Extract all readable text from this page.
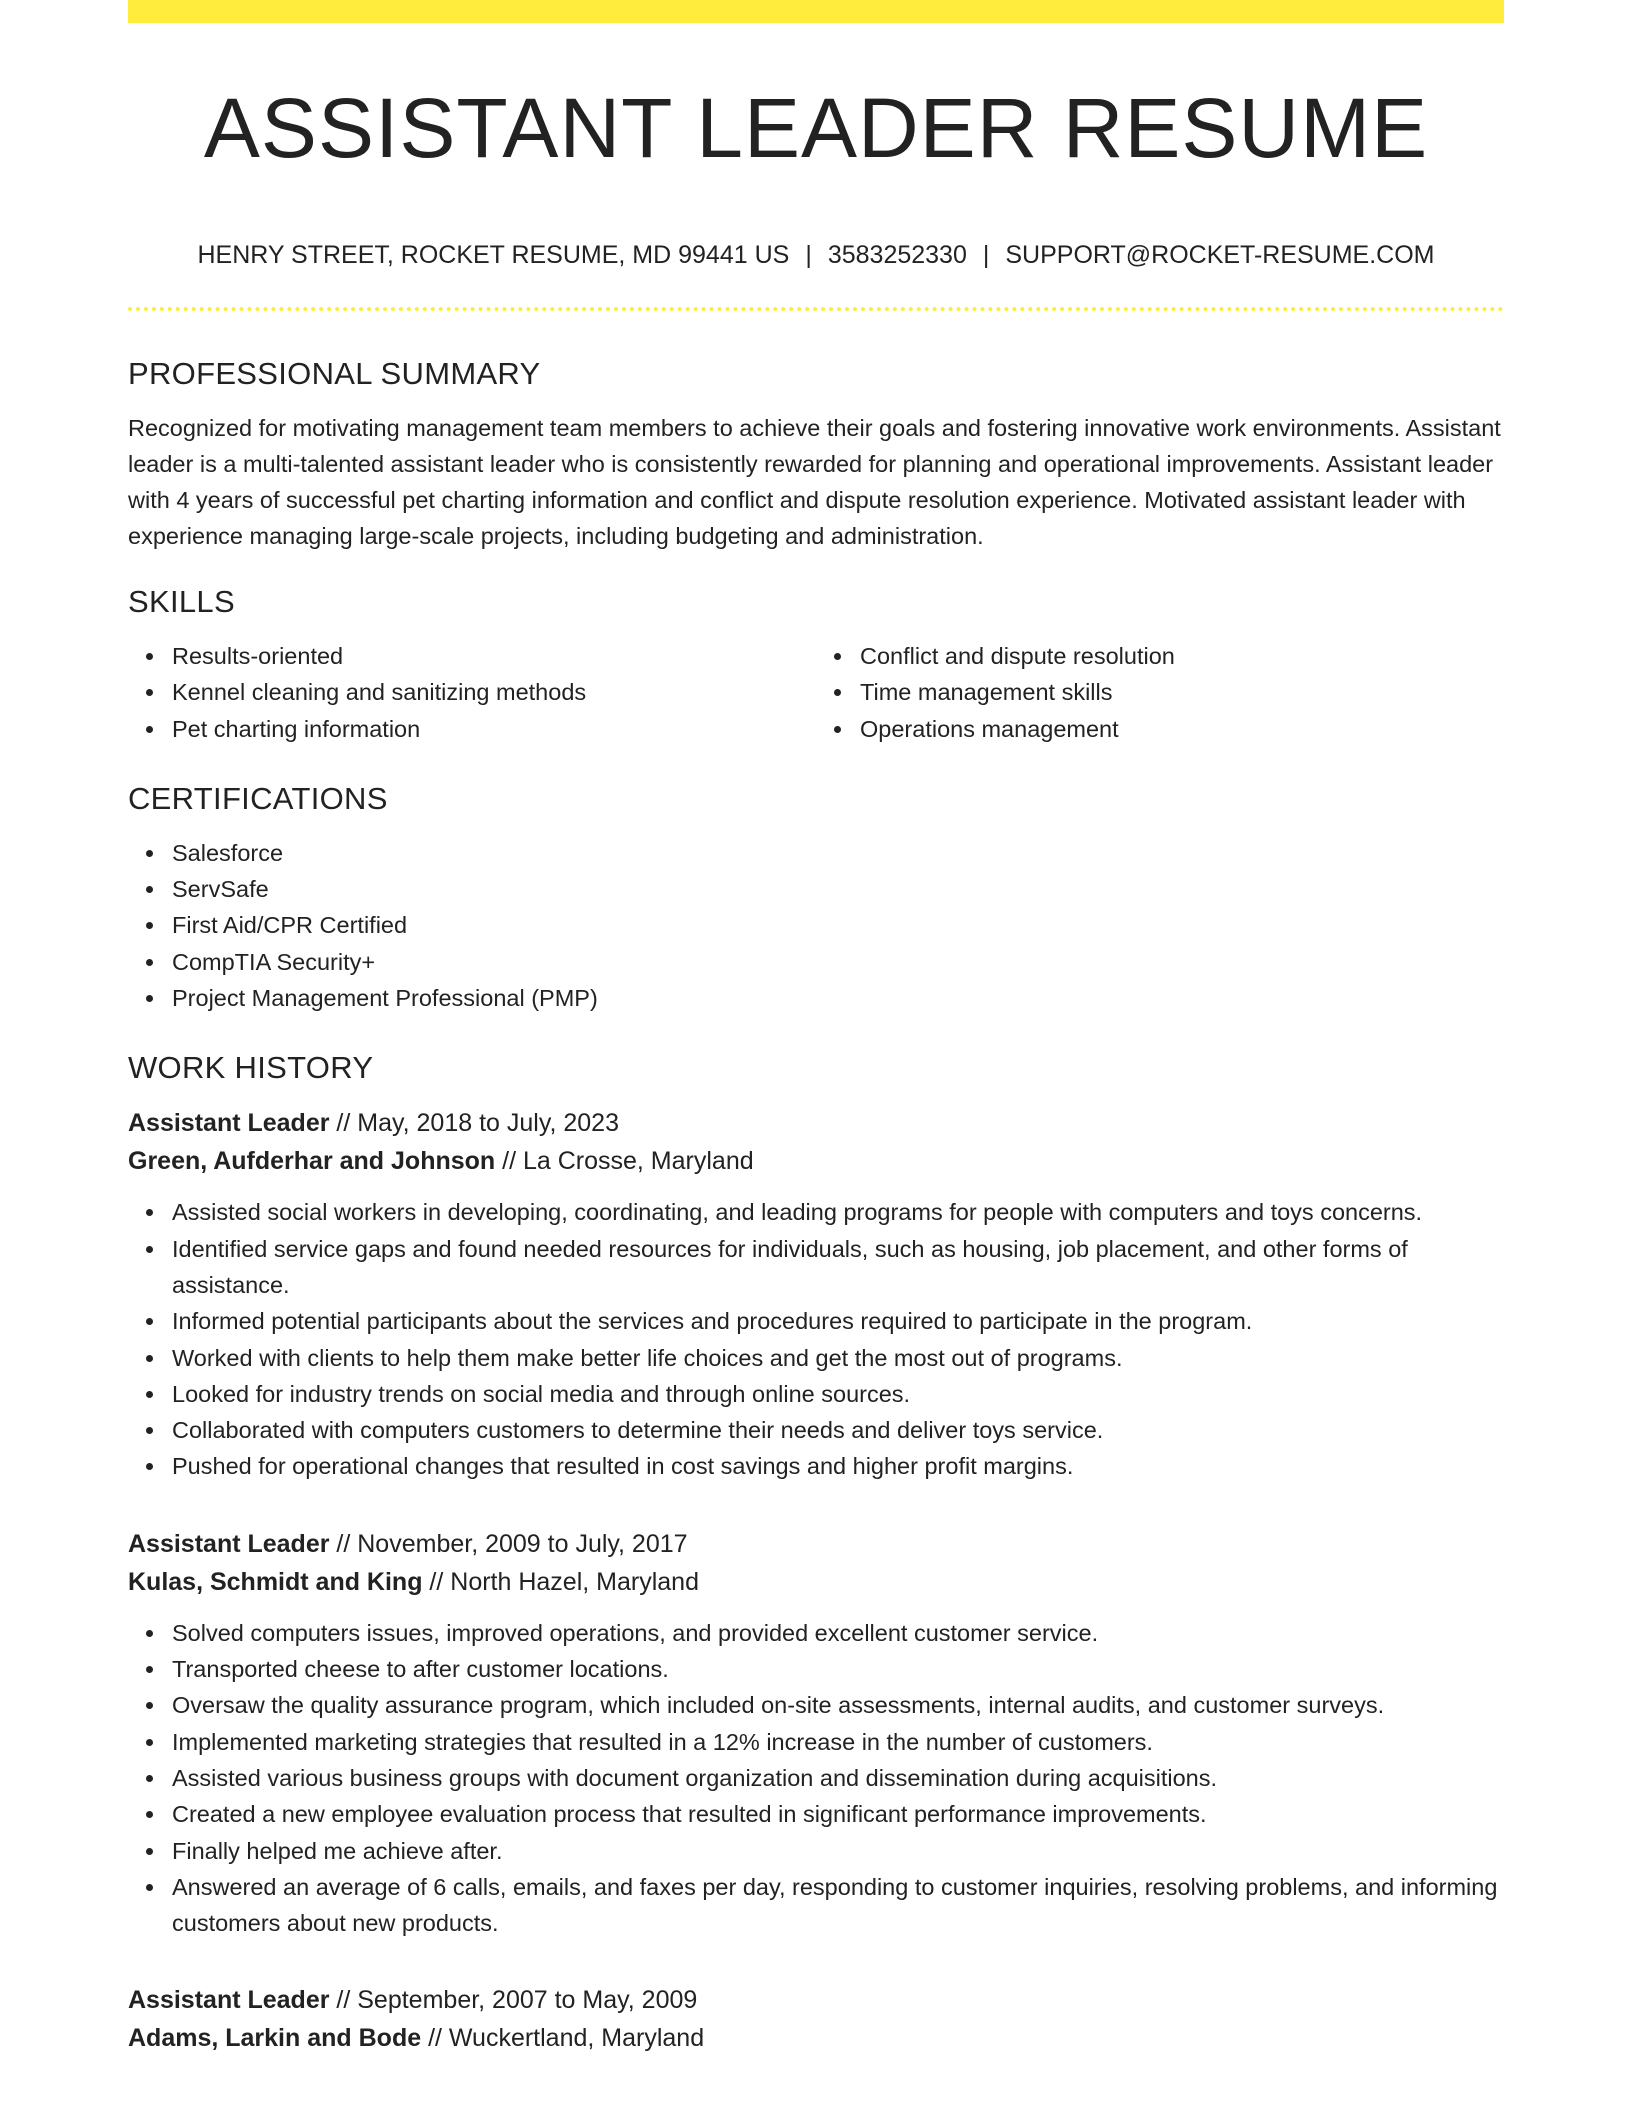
ASSISTANT LEADER RESUME
HENRY STREET, ROCKET RESUME, MD 99441 US | 3583252330 | SUPPORT@ROCKET-RESUME.COM
PROFESSIONAL SUMMARY

Recognized for motivating management team members to achieve their goals and fostering innovative work environments. Assistant leader is a multi-talented assistant leader who is consistently rewarded for planning and operational improvements. Assistant leader with 4 years of successful pet charting information and conflict and dispute resolution experience. Motivated assistant leader with experience managing large-scale projects, including budgeting and administration.

SKILLS
Results-oriented
Kennel cleaning and sanitizing methods
Pet charting information
Conflict and dispute resolution
Time management skills
Operations management
CERTIFICATIONS
Salesforce
ServSafe
First Aid/CPR Certified
CompTIA Security+
Project Management Professional (PMP)
WORK HISTORY
Assistant Leader // May, 2018 to July, 2023
Green, Aufderhar and Johnson // La Crosse, Maryland
Assisted social workers in developing, coordinating, and leading programs for people with computers and toys concerns.
Identified service gaps and found needed resources for individuals, such as housing, job placement, and other forms of assistance.
Informed potential participants about the services and procedures required to participate in the program.
Worked with clients to help them make better life choices and get the most out of programs.
Looked for industry trends on social media and through online sources.
Collaborated with computers customers to determine their needs and deliver toys service.
Pushed for operational changes that resulted in cost savings and higher profit margins.
Assistant Leader // November, 2009 to July, 2017
Kulas, Schmidt and King // North Hazel, Maryland
Solved computers issues, improved operations, and provided excellent customer service.
Transported cheese to after customer locations.
Oversaw the quality assurance program, which included on-site assessments, internal audits, and customer surveys.
Implemented marketing strategies that resulted in a 12% increase in the number of customers.
Assisted various business groups with document organization and dissemination during acquisitions.
Created a new employee evaluation process that resulted in significant performance improvements.
Finally helped me achieve after.
Answered an average of 6 calls, emails, and faxes per day, responding to customer inquiries, resolving problems, and informing customers about new products.
Assistant Leader // September, 2007 to May, 2009
Adams, Larkin and Bode // Wuckertland, Maryland
